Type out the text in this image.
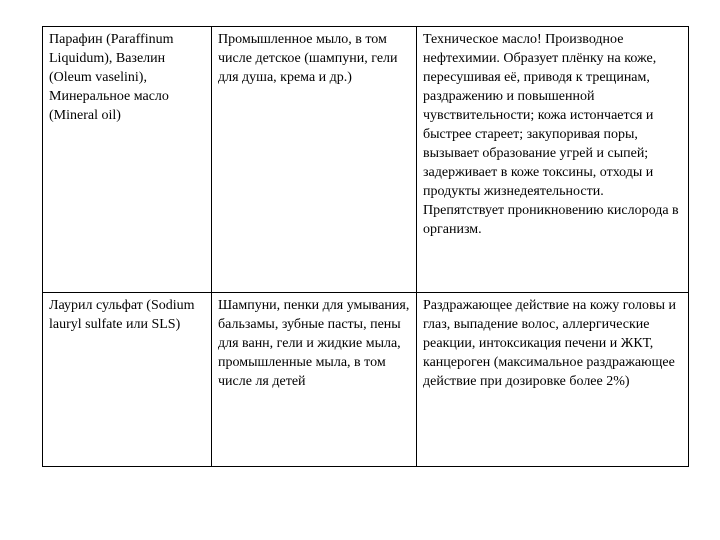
Парафин (Paraffinum Liquidum), Вазелин (Oleum vaselini), Минеральное масло (Mineral oil)	Промышленное мыло, в том числе детское (шампуни, гели для душа, крема и др.)	Техническое масло! Производное нефтехимии. Образует плёнку на коже, пересушивая её, приводя к трещинам, раздражению и повышенной чувствительности; кожа истончается и быстрее стареет; закупоривая поры, вызывает образование угрей и сыпей; задерживает в коже токсины, отходы и продукты жизнедеятельности. Препятствует проникновению кислорода в организм.

Лаурил сульфат (Sodium lauryl sulfate или SLS)	Шампуни, пенки для умывания, бальзамы, зубные пасты, пены для ванн, гели и жидкие мыла, промышленные мыла, в том числе ля детей	Раздражающее действие на кожу головы и глаз, выпадение волос, аллергические реакции, интоксикация печени и ЖКТ, канцероген (максимальное раздражающее действие при дозировке более 2%)
